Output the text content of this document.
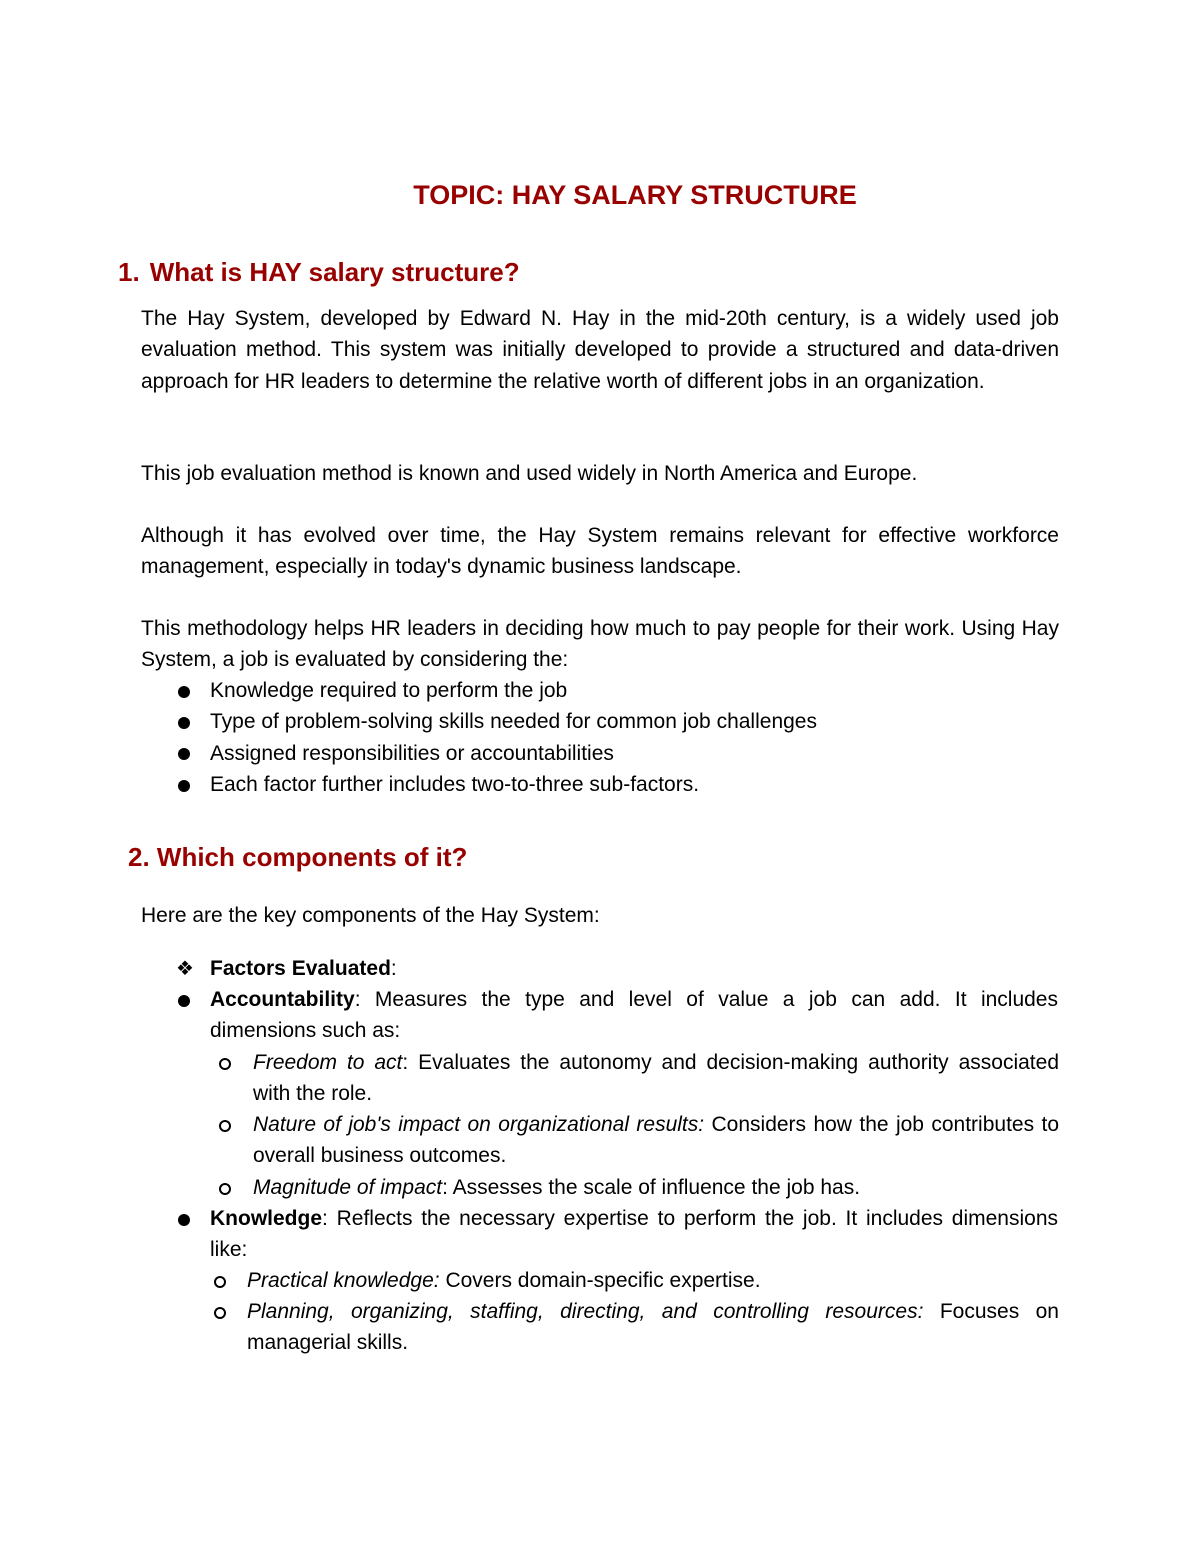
TOPIC: HAY SALARY STRUCTURE
1. What is HAY salary structure?

The Hay System, developed by Edward N. Hay in the mid-20th century, is a widely used job evaluation method. This system was initially developed to provide a structured and data-driven approach for HR leaders to determine the relative worth of different jobs in an organization.

This job evaluation method is known and used widely in North America and Europe.

Although it has evolved over time, the Hay System remains relevant for effective workforce management, especially in today's dynamic business landscape.

This methodology helps HR leaders in deciding how much to pay people for their work. Using Hay System, a job is evaluated by considering the:

Knowledge required to perform the job

Type of problem-solving skills needed for common job challenges

Assigned responsibilities or accountabilities

Each factor further includes two-to-three sub-factors.

2. Which components of it?

Here are the key components of the Hay System:

❖ Factors Evaluated:

Accountability: Measures the type and level of value a job can add. It includes dimensions such as:

Freedom to act: Evaluates the autonomy and decision-making authority associated with the role.

Nature of job's impact on organizational results: Considers how the job contributes to overall business outcomes.

Magnitude of impact: Assesses the scale of influence the job has.

Knowledge: Reflects the necessary expertise to perform the job. It includes dimensions like:

Practical knowledge: Covers domain-specific expertise.

Planning, organizing, staffing, directing, and controlling resources: Focuses on managerial skills.
